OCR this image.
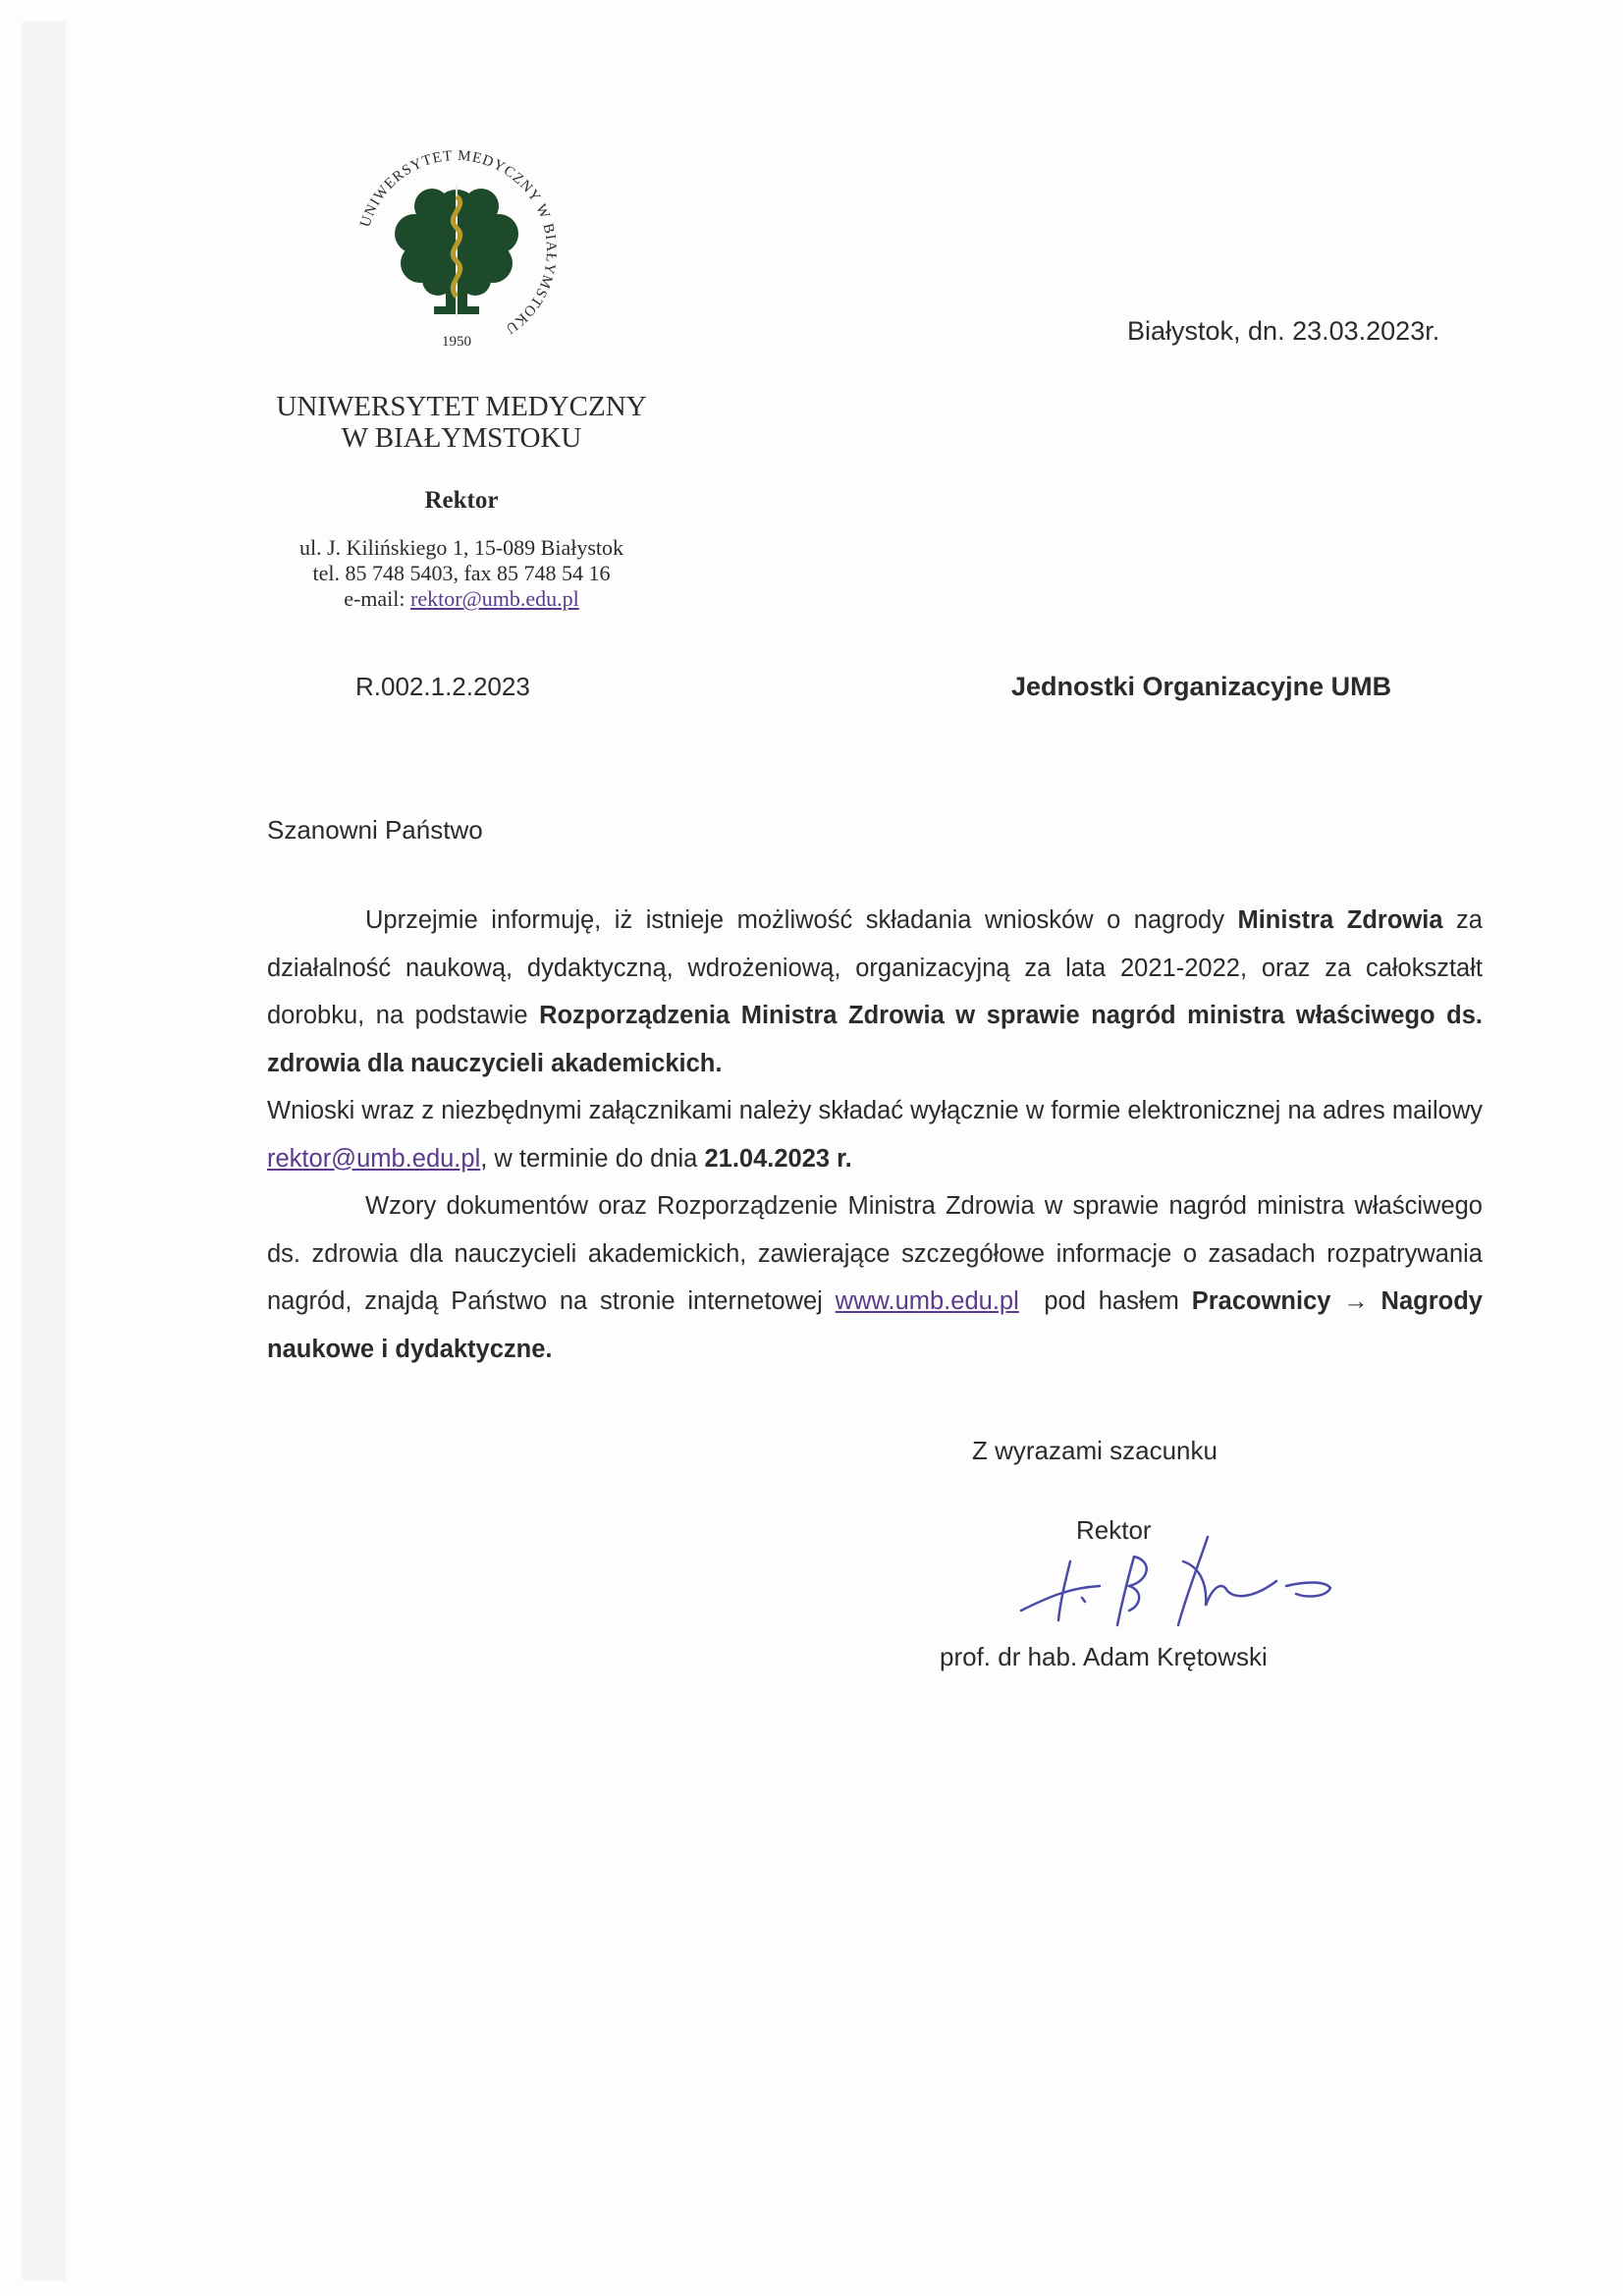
UNIWERSYTET MEDYCZNY W BIAŁYMSTOKU
1950
UNIWERSYTET MEDYCZNY
W BIAŁYMSTOKU
Rektor
ul. J. Kilińskiego 1, 15-089 Białystok
tel. 85 748 5403, fax 85 748 54 16
e-mail: rektor@umb.edu.pl
Białystok, dn. 23.03.2023r.
R.002.1.2.2023	Jednostki Organizacyjne UMB
Szanowni Państwo

Uprzejmie informuję, iż istnieje możliwość składania wniosków o nagrody Ministra Zdrowia za działalność naukową, dydaktyczną, wdrożeniową, organizacyjną za lata 2021-2022, oraz za całokształt dorobku, na podstawie Rozporządzenia Ministra Zdrowia w sprawie nagród ministra właściwego ds. zdrowia dla nauczycieli akademickich.

Wnioski wraz z niezbędnymi załącznikami należy składać wyłącznie w formie elektronicznej na adres mailowy rektor@umb.edu.pl, w terminie do dnia 21.04.2023 r.

Wzory dokumentów oraz Rozporządzenie Ministra Zdrowia w sprawie nagród ministra właściwego ds. zdrowia dla nauczycieli akademickich, zawierające szczegółowe informacje o zasadach rozpatrywania nagród, znajdą Państwo na stronie internetowej www.umb.edu.pl  pod hasłem Pracownicy → Nagrody naukowe i dydaktyczne.

Z wyrazami szacunku
Rektor
prof. dr hab. Adam Krętowski
